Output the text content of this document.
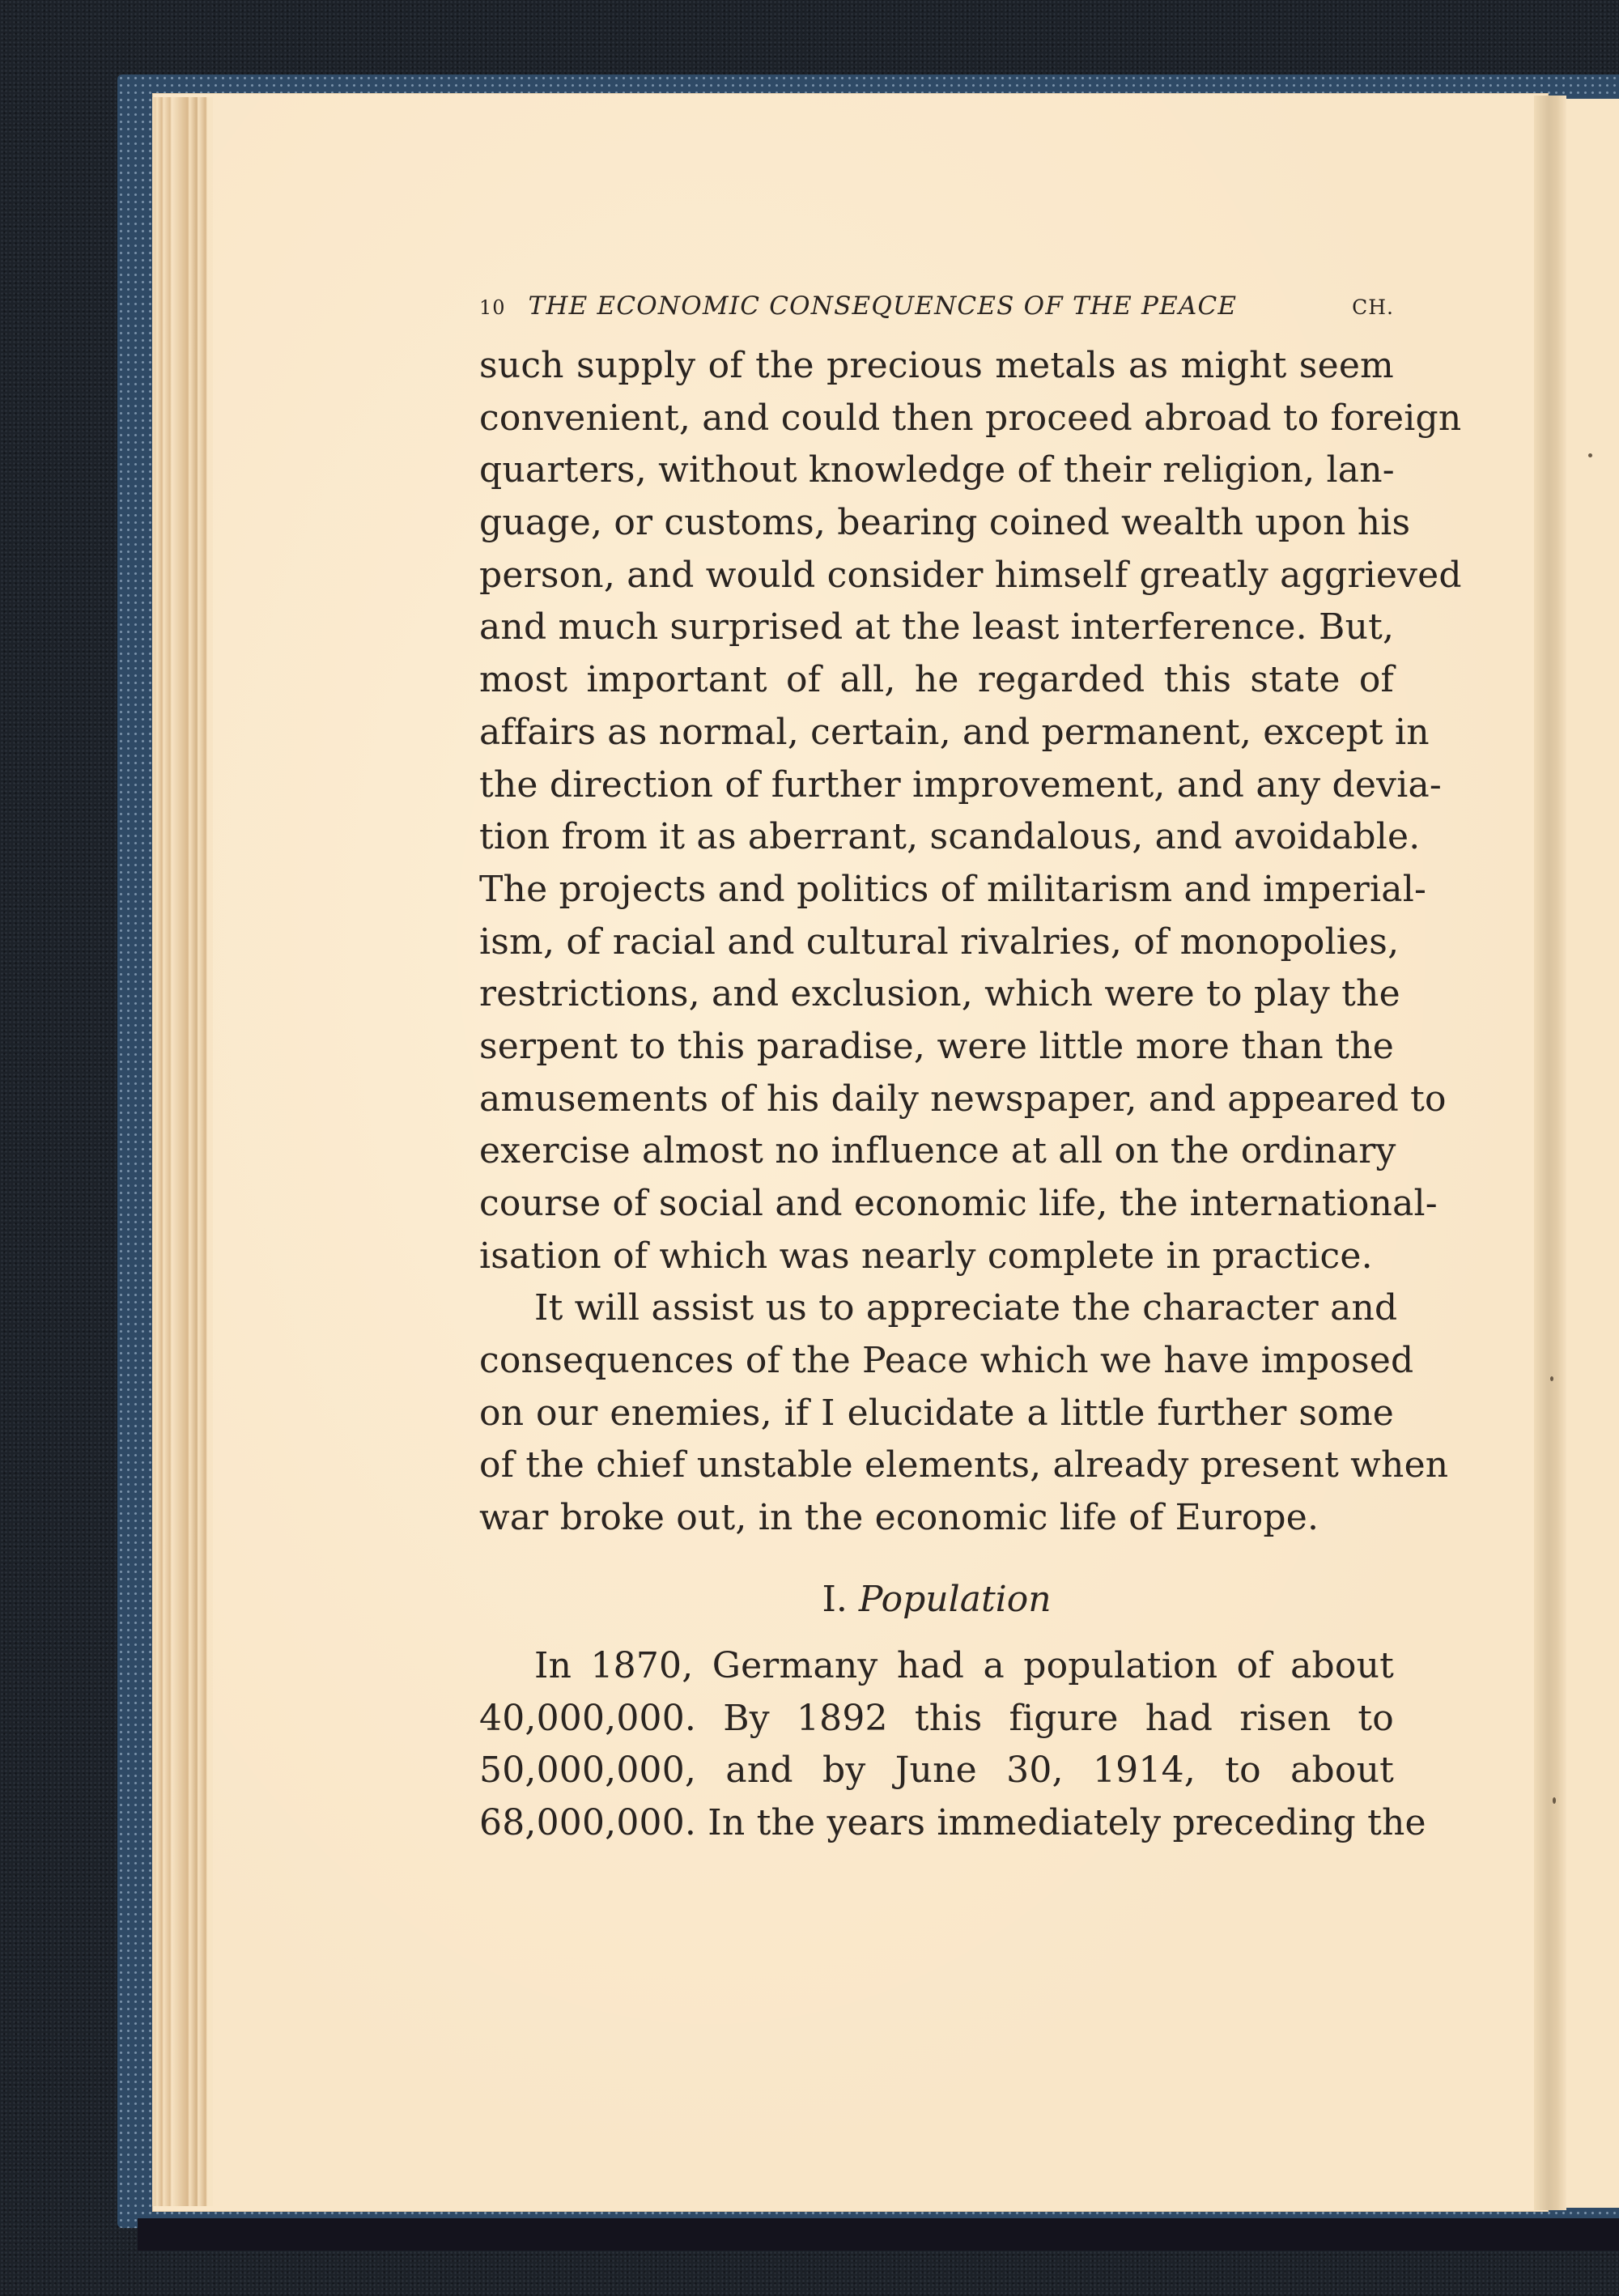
10 THE ECONOMIC CONSEQUENCES OF THE PEACE	CH.
such supply of the precious metals as might seem
convenient, and could then proceed abroad to foreign
quarters, without knowledge of their religion, lan-
guage, or customs, bearing coined wealth upon his
person, and would consider himself greatly aggrieved
and much surprised at the least interference. But,
most important of all, he regarded this state of
affairs as normal, certain, and permanent, except in
the direction of further improvement, and any devia-
tion from it as aberrant, scandalous, and avoidable.
The projects and politics of militarism and imperial-
ism, of racial and cultural rivalries, of monopolies,
restrictions, and exclusion, which were to play the
serpent to this paradise, were little more than the
amusements of his daily newspaper, and appeared to
exercise almost no influence at all on the ordinary
course of social and economic life, the international-
isation of which was nearly complete in practice.
It will assist us to appreciate the character and
consequences of the Peace which we have imposed
on our enemies, if I elucidate a little further some
of the chief unstable elements, already present when
war broke out, in the economic life of Europe.
I. Population
In 1870, Germany had a population of about
40,000,000. By 1892 this figure had risen to
50,000,000, and by June 30, 1914, to about
68,000,000. In the years immediately preceding the
